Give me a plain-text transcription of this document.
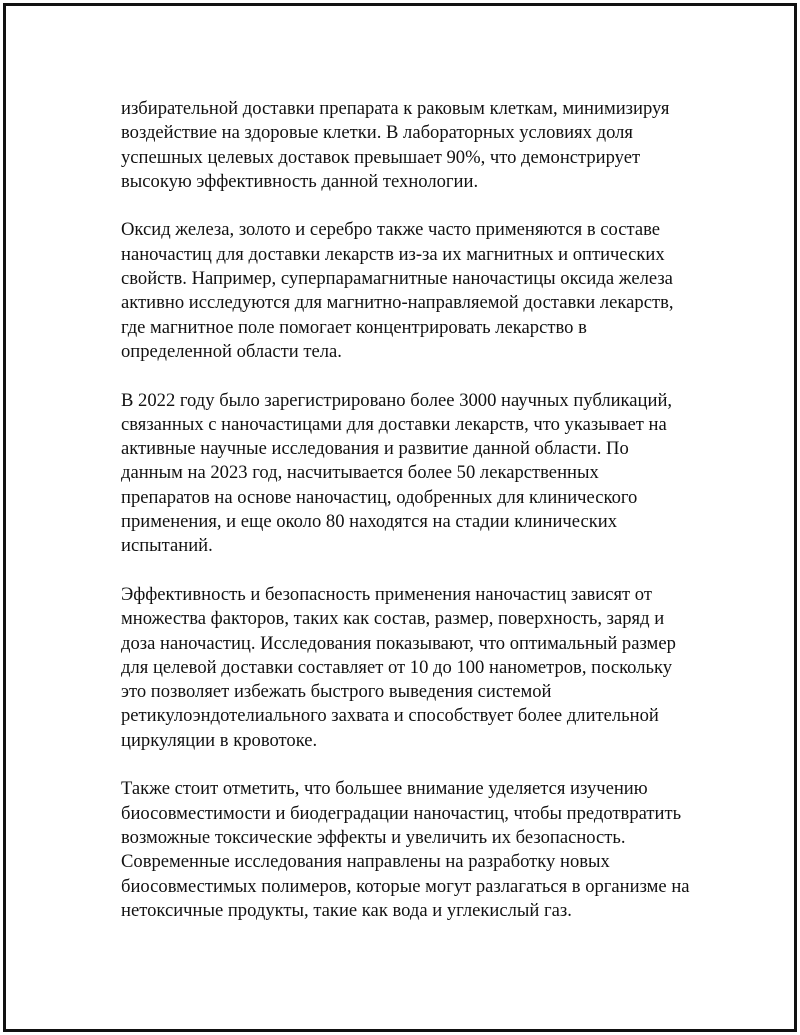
избирательной доставки препарата к раковым клеткам, минимизируя
воздействие на здоровые клетки. В лабораторных условиях доля
успешных целевых доставок превышает 90%, что демонстрирует
высокую эффективность данной технологии.

Оксид железа, золото и серебро также часто применяются в составе
наночастиц для доставки лекарств из-за их магнитных и оптических
свойств. Например, суперпарамагнитные наночастицы оксида железа
активно исследуются для магнитно-направляемой доставки лекарств,
где магнитное поле помогает концентрировать лекарство в
определенной области тела.

В 2022 году было зарегистрировано более 3000 научных публикаций,
связанных с наночастицами для доставки лекарств, что указывает на
активные научные исследования и развитие данной области. По
данным на 2023 год, насчитывается более 50 лекарственных
препаратов на основе наночастиц, одобренных для клинического
применения, и еще около 80 находятся на стадии клинических
испытаний.

Эффективность и безопасность применения наночастиц зависят от
множества факторов, таких как состав, размер, поверхность, заряд и
доза наночастиц. Исследования показывают, что оптимальный размер
для целевой доставки составляет от 10 до 100 нанометров, поскольку
это позволяет избежать быстрого выведения системой
ретикулоэндотелиального захвата и способствует более длительной
циркуляции в кровотоке.

Также стоит отметить, что большее внимание уделяется изучению
биосовместимости и биодеградации наночастиц, чтобы предотвратить
возможные токсические эффекты и увеличить их безопасность.
Современные исследования направлены на разработку новых
биосовместимых полимеров, которые могут разлагаться в организме на
нетоксичные продукты, такие как вода и углекислый газ.
